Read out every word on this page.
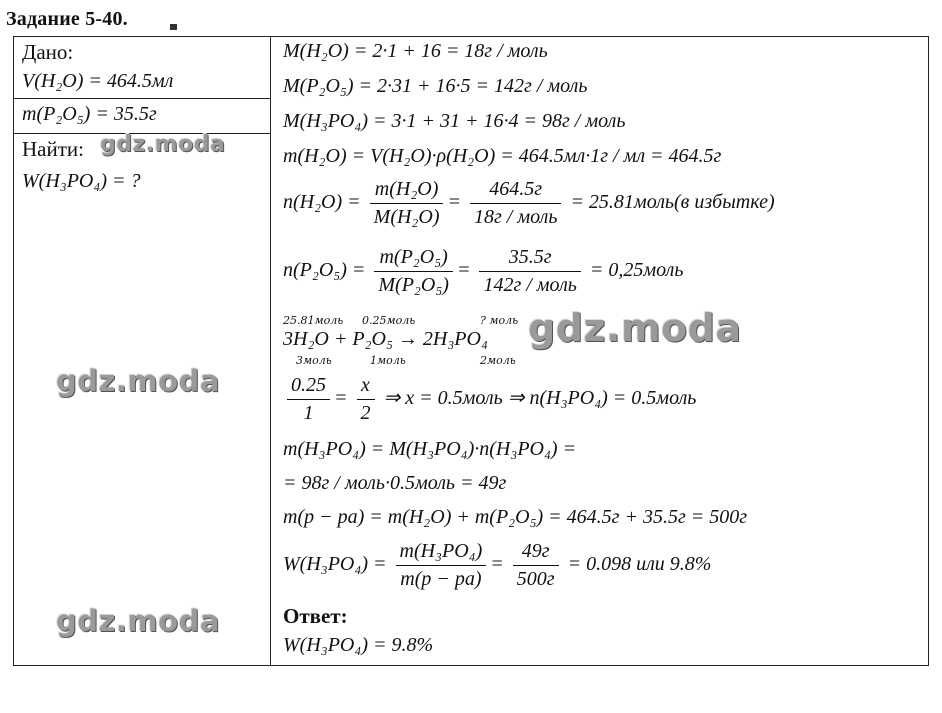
Задание 5-40.
Дано:
V(H₂O) = 464.5мл
m(P₂O₅) = 35.5г
Найти:
W(H₃PO₄) = ?
M(H₂O) = 2·1 + 16 = 18г / моль
M(P₂O₅) = 2·31 + 16·5 = 142г / моль
M(H₃PO₄) = 3·1 + 31 + 16·4 = 98г / моль
m(H₂O) = V(H₂O)·ρ(H₂O) = 464.5мл·1г / мл = 464.5г
$n(H_2O) = \frac{\text{m(H₂O)}}{\text{M(H₂O)}} = \frac{464.5г}{\text{18г / моль}}$ = 25.81моль(в избытке)
$n(P_2O_5) = \frac{\text{m(P₂O₅)}}{\text{M(P₂O₅)}} = \frac{35.5г}{\text{142г / моль}}$ = 0,25моль
25.81моль 0.25моль	? моль
3H₂O + P₂O₅ → 2H₃PO₄
3моль	1моль	2моль
$\frac{0.25}{1} = \frac{x}{2}$ ⇒ x = 0.5моль ⇒ n(H₃PO₄) = 0.5моль
m(H₃PO₄) = M(H₃PO₄)·n(H₃PO₄) =
= 98г / моль·0.5моль = 49г
m(p − pa) = m(H₂O) + m(P₂O₅) = 464.5г + 35.5г = 500г
$W(H_3PO_4) = \frac{\text{m(H₃PO₄)}}{m(p - pa)} = \frac{49г}{500г} = 0.098$ или 9.8%
Ответ:
W(H₃PO₄) = 9.8%
gdz.moda
gdz.moda
gdz.moda
gdz.moda
